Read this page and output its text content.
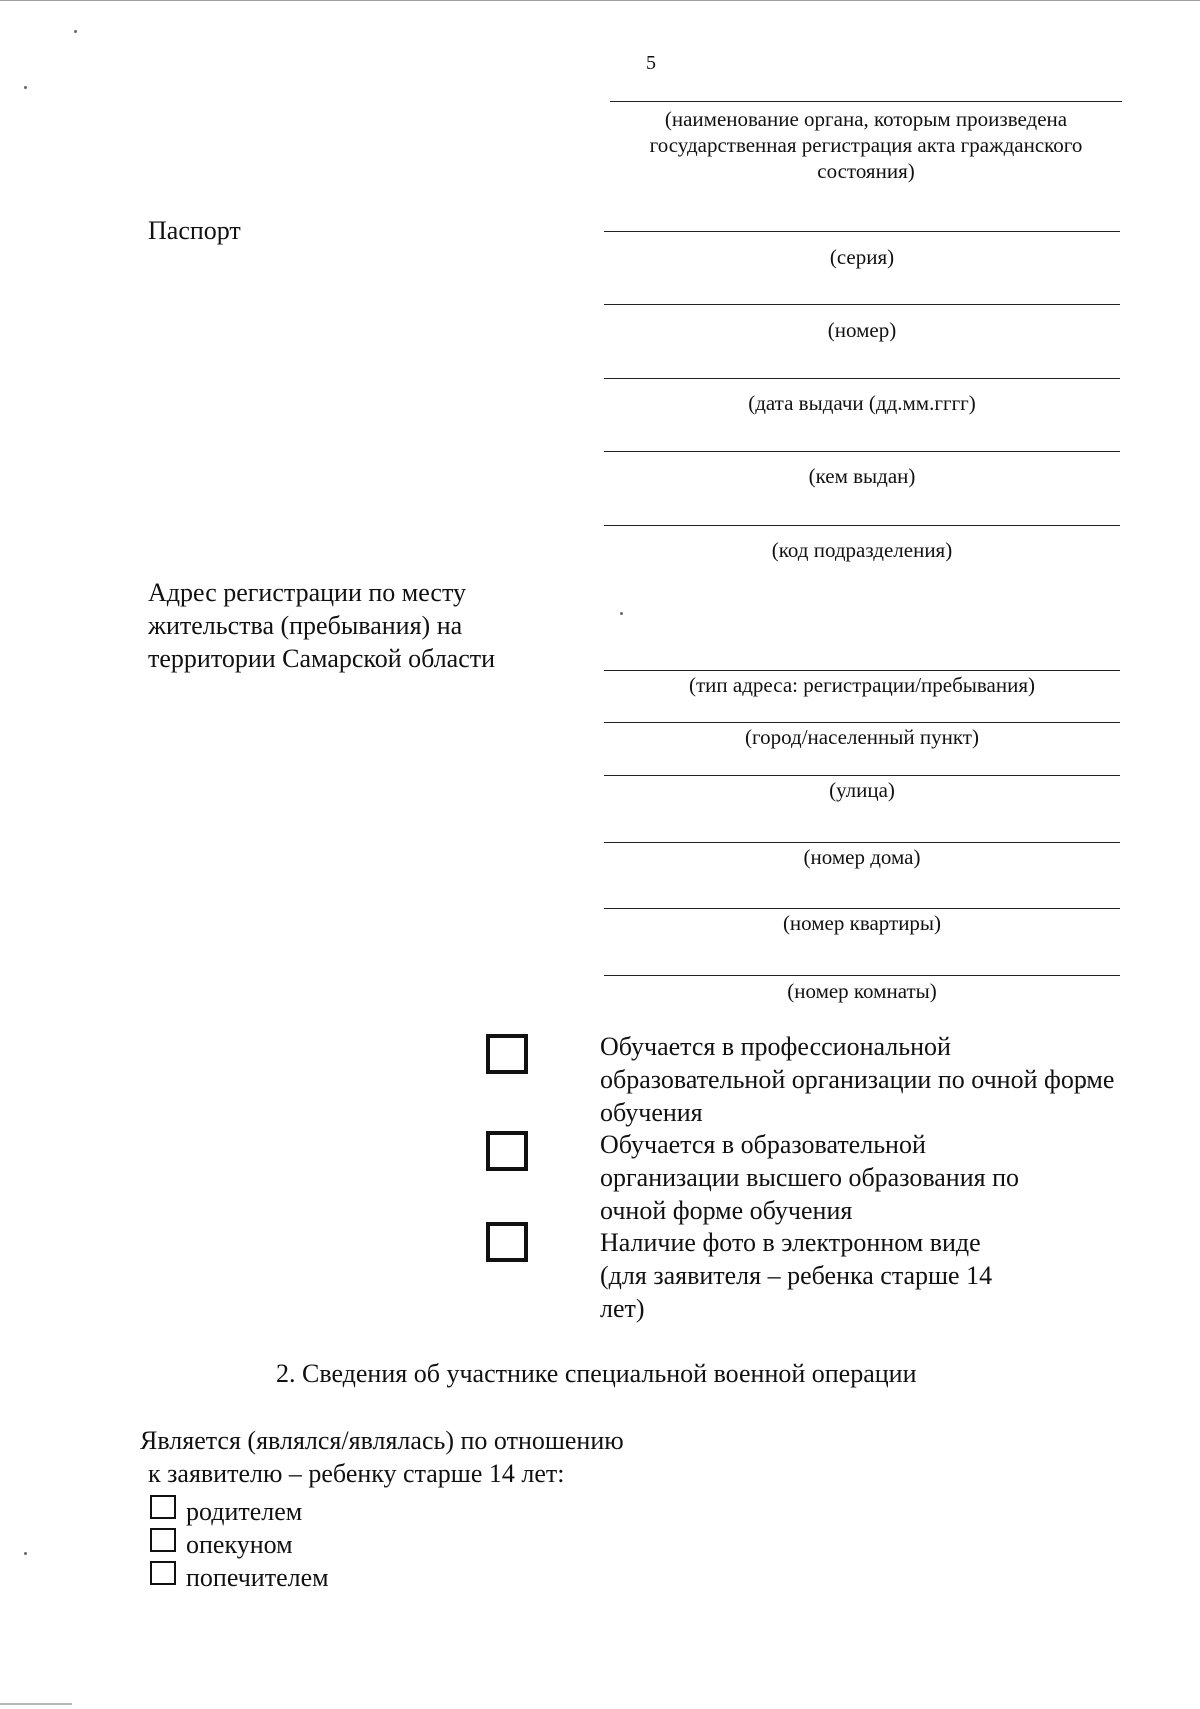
5
(наименование органа, которым произведена государственная регистрация акта гражданского состояния)
Паспорт
(серия)
(номер)
(дата выдачи (дд.мм.гггг)
(кем выдан)
(код подразделения)
Адрес регистрации по месту жительства (пребывания) на территории Самарской области
(тип адреса: регистрации/пребывания)
(город/населенный пункт)
(улица)
(номер дома)
(номер квартиры)
(номер комнаты)
Обучается в профессиональной образовательной организации по очной форме обучения
Обучается в образовательной организации высшего образования по очной форме обучения
Наличие фото в электронном виде (для заявителя – ребенка старше 14 лет)
2. Сведения об участнике специальной военной операции
Является (являлся/являлась) по отношению
к заявителю – ребенку старше 14 лет:
родителем
опекуном
попечителем
